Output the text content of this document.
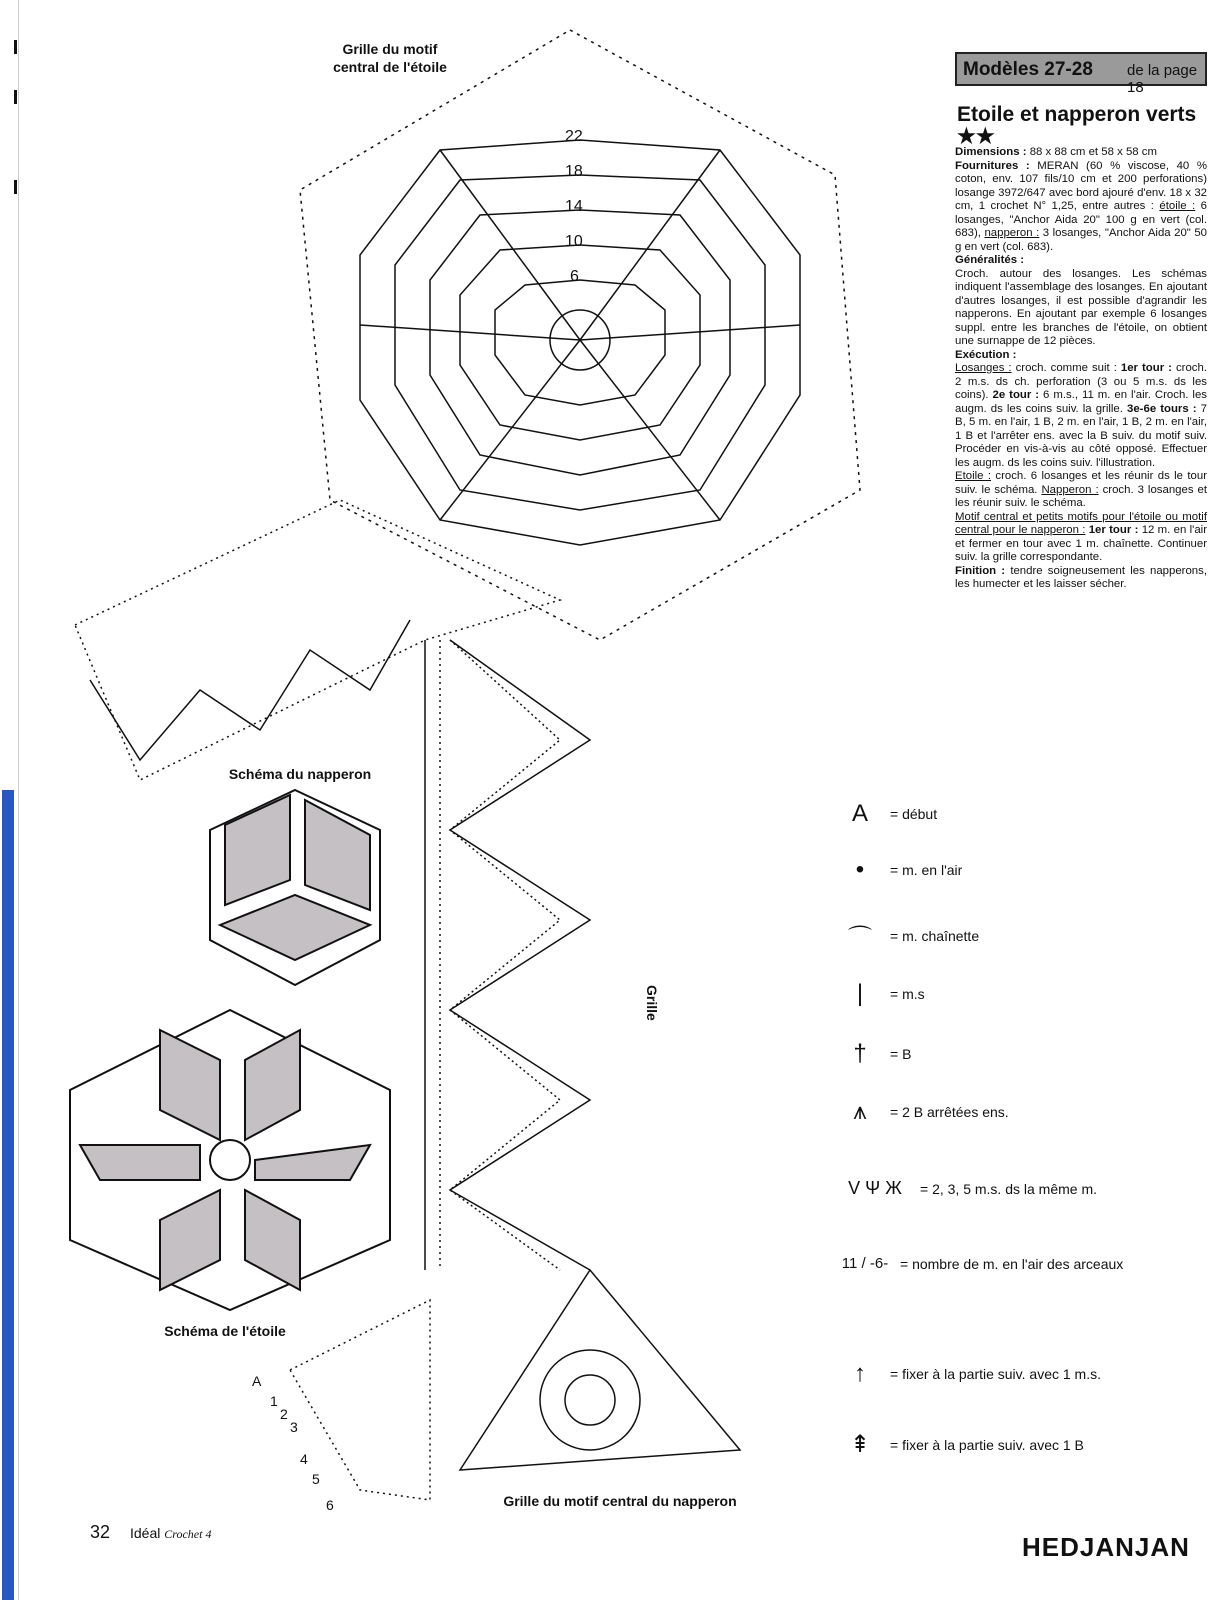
Grille du motif central de l'étoile
Schéma du napperon
Schéma de l'étoile
Grille du motif central du napperon
Grille
22
18
14
10
6
A
1
2
3
4
5
6
Modèles 27-28 de la page 18
Etoile et napperon verts ★★

Dimensions : 88 x 88 cm et 58 x 58 cm

Fournitures : MERAN (60 % viscose, 40 % coton, env. 107 fils/10 cm et 200 perforations) losange 3972/647 avec bord ajouré d'env. 18 x 32 cm, 1 crochet N° 1,25, entre autres : étoile : 6 losanges, "Anchor Aida 20" 100 g en vert (col. 683), napperon : 3 losanges, "Anchor Aida 20" 50 g en vert (col. 683).

Généralités :

Croch. autour des losanges. Les schémas indiquent l'assemblage des losanges. En ajoutant d'autres losanges, il est possible d'agrandir les napperons. En ajoutant par exemple 6 losanges suppl. entre les branches de l'étoile, on obtient une surnappe de 12 pièces.

Exécution :

Losanges : croch. comme suit : 1er tour : croch. 2 m.s. ds ch. perforation (3 ou 5 m.s. ds les coins). 2e tour : 6 m.s., 11 m. en l'air. Croch. les augm. ds les coins suiv. la grille. 3e-6e tours : 7 B, 5 m. en l'air, 1 B, 2 m. en l'air, 1 B, 2 m. en l'air, 1 B et l'arrêter ens. avec la B suiv. du motif suiv. Procéder en vis-à-vis au côté opposé. Effectuer les augm. ds les coins suiv. l'illustration.

Etoile : croch. 6 losanges et les réunir ds le tour suiv. le schéma. Napperon : croch. 3 losanges et les réunir suiv. le schéma.

Motif central et petits motifs pour l'étoile ou motif central pour le napperon : 1er tour : 12 m. en l'air et fermer en tour avec 1 m. chaînette. Continuer suiv. la grille correspondante.

Finition : tendre soigneusement les napperons, les humecter et les laisser sécher.

A	= début
•	= m. en l'air
⌒	= m. chaînette
|	= m.s
†	= B
⩚	= 2 B arrêtées ens.
V Ψ Ж	= 2, 3, 5 m.s. ds la même m.
11 / -6- = nombre de m. en l'air des arceaux
↑	= fixer à la partie suiv. avec 1 m.s.
⇞	= fixer à la partie suiv. avec 1 B
32 Idéal Crochet 4	HEDJANJAN
